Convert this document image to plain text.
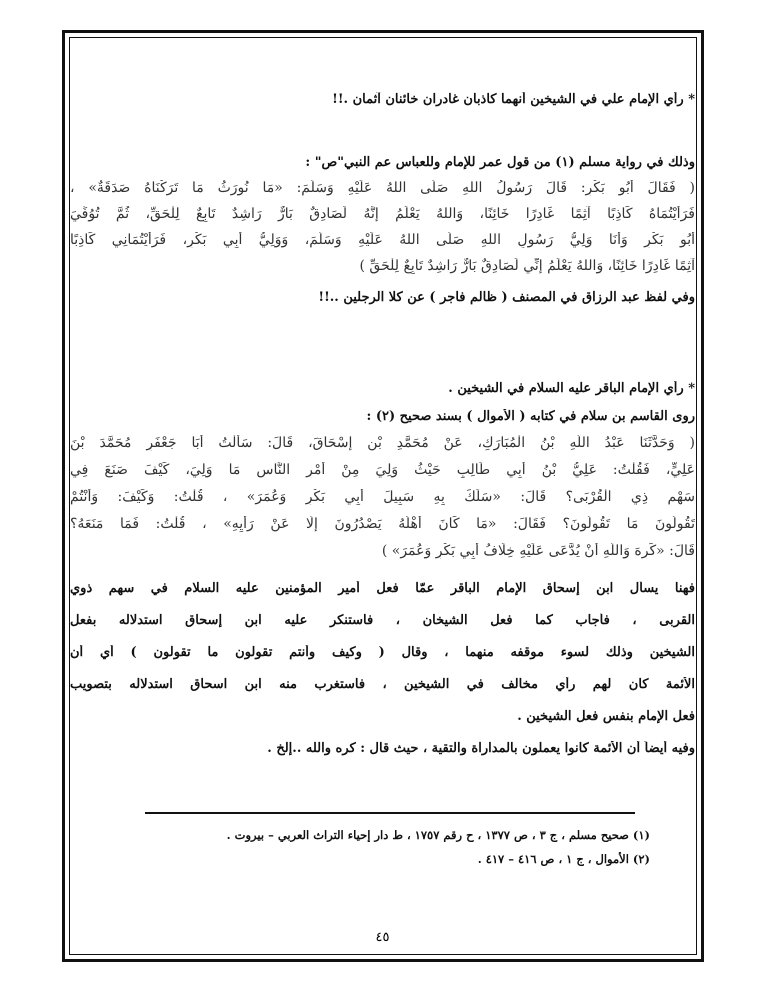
* رأي الإمام علي في الشيخين أنهما كاذبان غادران خائنان آثمان .!!
وذلك في رواية مسلم (١) من قول عمر للإمام وللعباس عم النبي"ص" :
( فَقَالَ أَبُو بَكْرٍ: قَالَ رَسُولُ اللهِ صَلَّى اللهُ عَلَيْهِ وَسَلَّمَ: «مَا نُورَثُ مَا تَرَكْنَاهُ صَدَقَةٌ» ،
فَرَأَيْتُمَاهُ كَاذِبًا آثِمًا غَادِرًا خَائِنًا، وَاللهُ يَعْلَمُ إِنَّهُ لَصَادِقٌ بَارٌّ رَاشِدٌ تَابِعٌ لِلْحَقِّ، ثُمَّ تُوُفِّيَ
أَبُو بَكْرٍ وَأَنَا وَلِيُّ رَسُولِ اللهِ صَلَّى اللهُ عَلَيْهِ وَسَلَّمَ، وَوَلِيُّ أَبِي بَكْرٍ، فَرَأَيْتُمَانِي كَاذِبًا
آثِمًا غَادِرًا خَائِنًا، وَاللهُ يَعْلَمُ إِنِّي لَصَادِقٌ بَارٌّ رَاشِدٌ تَابِعٌ لِلْحَقِّ )
وفي لفظ عبد الرزاق في المصنف ( ظالم فاجر ) عن كلا الرجلين ..!!
* رأي الإمام الباقر عليه السلام في الشيخين .
روى القاسم بن سلام في كتابه ( الأموال ) بسند صحيح (٢) :
( وَحَدَّثَنَا عَبْدُ اللَّهِ بْنُ الْمُبَارَكِ، عَنْ مُحَمَّدِ بْنِ إِسْحَاقَ، قَالَ: سَأَلْتُ أَبَا جَعْفَرٍ مُحَمَّدَ بْنَ
عَلِيٍّ، فَقُلْتُ: عَلِيُّ بْنُ أَبِي طَالِبٍ حَيْثُ وَلِيَ مِنْ أَمْرِ النَّاسِ مَا وَلِيَ، كَيْفَ صَنَعَ فِي
سَهْمِ ذِي الْقُرْبَى؟ قَالَ: «سَلَكَ بِهِ سَبِيلَ أَبِي بَكْرٍ وَعُمَرَ» ، قُلْتُ: وَكَيْفَ: وَأَنْتُمْ
تَقُولُونَ مَا تَقُولُونَ؟ فَقَالَ: «مَا كَانَ أَهْلُهُ يَصْدُرُونَ إِلَّا عَنْ رَأْيِهِ» ، قُلْتُ: فَمَا مَنَعَهُ؟
قَالَ: «كَرِهَ وَاللَّهِ أَنْ يُدَّعَى عَلَيْهِ خِلَافُ أَبِي بَكْرٍ وَعُمَرَ» )
فهنا يسأل ابن إسحاق الإمام الباقر عمّا فعل أمير المؤمنين عليه السلام في سهم ذوي
القربى ، فأجاب كما فعل الشيخان ، فاستنكر عليه ابن إسحاق استدلاله بفعل
الشيخين وذلك لسوء موقفه منهما ، وقال ( وكيف وأنتم تقولون ما تقولون ) أي أن
الأئمة كان لهم رأي مخالف في الشيخين ، فاستغرب منه ابن اسحاق استدلاله بتصويب
فعل الإمام بنفس فعل الشيخين .
وفيه أيضاً أن الأئمة كانوا يعملون بالمداراة والتقية ، حيث قال : كره والله ..إلخ .
(١) صحيح مسلم ، ج ٣ ، ص ١٣٧٧ ، ح رقم ١٧٥٧ ، ط دار إحياء التراث العربي – بيروت .
(٢) الأموال ، ج ١ ، ص ٤١٦ – ٤١٧ .
٤٥
